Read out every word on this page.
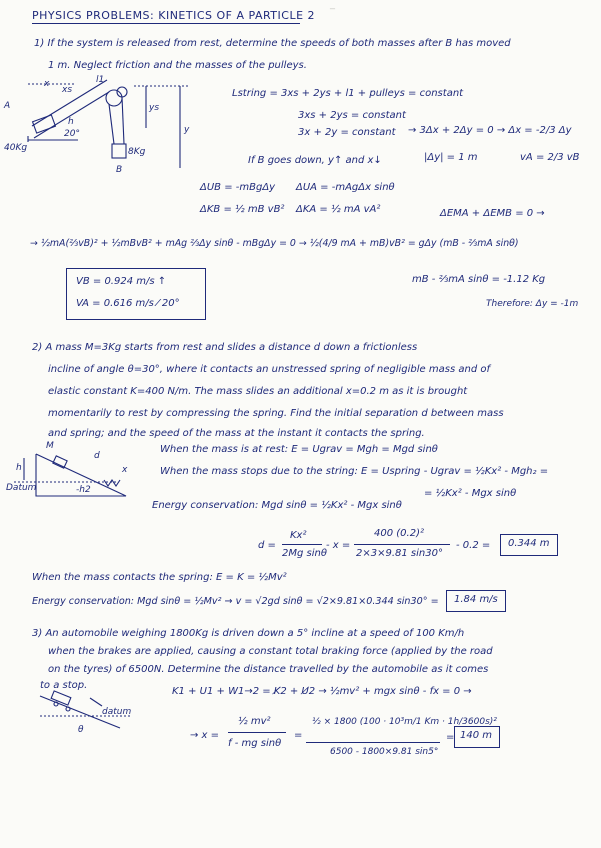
‾
PHYSICS PROBLEMS: KINETICS OF A PARTICLE 2
1) If the system is released from rest, determine the speeds of both masses after B has moved
1 m. Neglect friction and the masses of the pulleys.
x
xs
l1
ys
y
h
20°
A
B
40Kg	8Kg
Lstring = 3xs + 2ys + l1 + pulleys = constant
3xs + 2ys = constant
3x + 2y = constant → 3Δx + 2Δy = 0 → Δx = -2/3 Δy
If B goes down, y↑ and x↓	|Δy| = 1 m	vA = 2/3 vB
ΔUB = -mBgΔy ΔUA = -mAgΔx sinθ
ΔKB = ½ mB vB² ΔKA = ½ mA vA²	ΔEMA + ΔEMB = 0 →
→ ½mA(⅔vB)² + ½mBvB² + mAg ⅔Δy sinθ - mBgΔy = 0 → ½(4/9 mA + mB)vB² = gΔy (mB - ⅔mA sinθ)
VB = 0.924 m/s ↑
VA = 0.616 m/s ⁄ 20°
mB - ⅔mA sinθ = -1.12 Kg
Therefore: Δy = -1m
2) A mass M=3Kg starts from rest and slides a distance d down a frictionless
incline of angle θ=30°, where it contacts an unstressed spring of negligible mass and of
elastic constant K=400 N/m. The mass slides an additional x=0.2 m as it is brought
momentarily to rest by compressing the spring. Find the initial separation d between mass
and spring; and the speed of the mass at the instant it contacts the spring.
M
d
x
h
Datum	-h2
When the mass is at rest: E = Ugrav = Mgh = Mgd sinθ
When the mass stops due to the string: E = Uspring - Ugrav = ½Kx² - Mgh₂ =
= ½Kx² - Mgx sinθ
Energy conservation: Mgd sinθ = ½Kx² - Mgx sinθ
d =
Kx²
2Mg sinθ
- x =
400 (0.2)²
2×3×9.81 sin30°
- 0.2 = 0.344 m
When the mass contacts the spring: E = K = ½Mv²
Energy conservation: Mgd sinθ = ½Mv² → v = √2gd sinθ = √2×9.81×0.344 sin30° = 1.84 m/s
3) An automobile weighing 1800Kg is driven down a 5° incline at a speed of 100 Km/h
when the brakes are applied, causing a constant total braking force (applied by the road
on the tyres) of 6500N. Determine the distance travelled by the automobile as it comes
to a stop.
datum
θ
K1 + U1 + W1→2 = K̸2 + U̸2 → ½mv² + mgx sinθ - fx = 0 →
→ x =
½ mv²
f - mg sinθ
=
½ × 1800 (100 · 10³m/1 Km · 1h/3600s)²
6500 - 1800×9.81 sin5°
= 140 m
